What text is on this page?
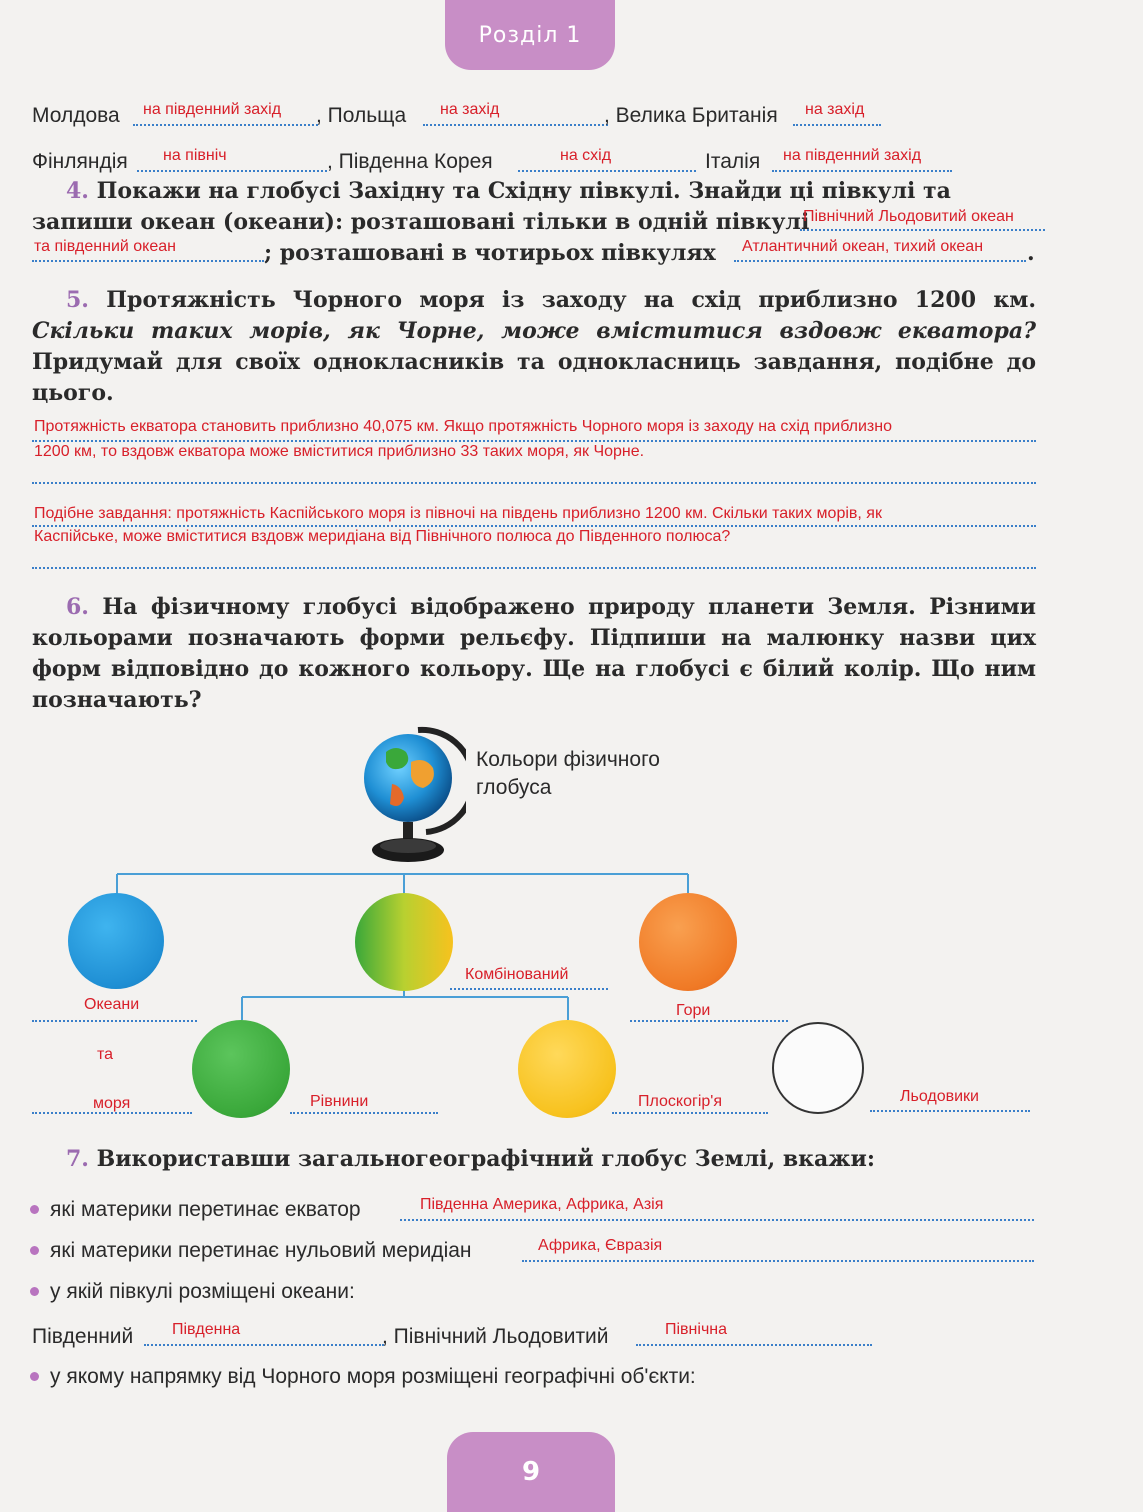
Розділ 1
Молдова на південний захід , Польща на захід	, Велика Британія на захід
Фінляндія на північ	, Південна Корея	на схід	Італія на південний захід
4. Покажи на глобусі Західну та Східну півкулі. Знайди ці півкулі та
запиши океан (океани): розташовані тільки в одній півкулі
Північний Льодовитий океан
та південний океан	; розташовані в чотирьох півкулях Атлантичний океан, тихий океан .
5. Протяжність Чорного моря із заходу на схід приблизно 1200 км. Скільки таких морів, як Чорне, може вміститися вздовж екватора? Придумай для своїх однокласників та однокласниць завдання, подібне до цього.
Протяжність екватора становить приблизно 40,075 км. Якщо протяжність Чорного моря із заходу на схід приблизно
1200 км, то вздовж екватора може вміститися приблизно 33 таких моря, як Чорне.
Подібне завдання: протяжність Каспійського моря із півночі на південь приблизно 1200 км. Скільки таких морів, як
Каспійське, може вміститися вздовж меридіана від Північного полюса до Південного полюса?
6. На фізичному глобусі відображено природу планети Земля. Різними кольорами позначають форми рельєфу. Підпиши на малюнку назви цих форм відповідно до кожного кольору. Ще на глобусі є білий колір. Що ним позначають?
Кольори фізичного
глобуса
Океани
та
моря
Комбінований
Гори
Рівнини	Плоскогір'я	Льодовики
7. Використавши загальногеографічний глобус Землі, вкажи:
які материки перетинає екватор	Південна Америка, Африка, Азія
які материки перетинає нульовий меридіан	Африка, Євразія
у якій півкулі розміщені океани:
Південний Південна	, Північний Льодовитий	Північна
у якому напрямку від Чорного моря розміщені географічні об'єкти:
9
